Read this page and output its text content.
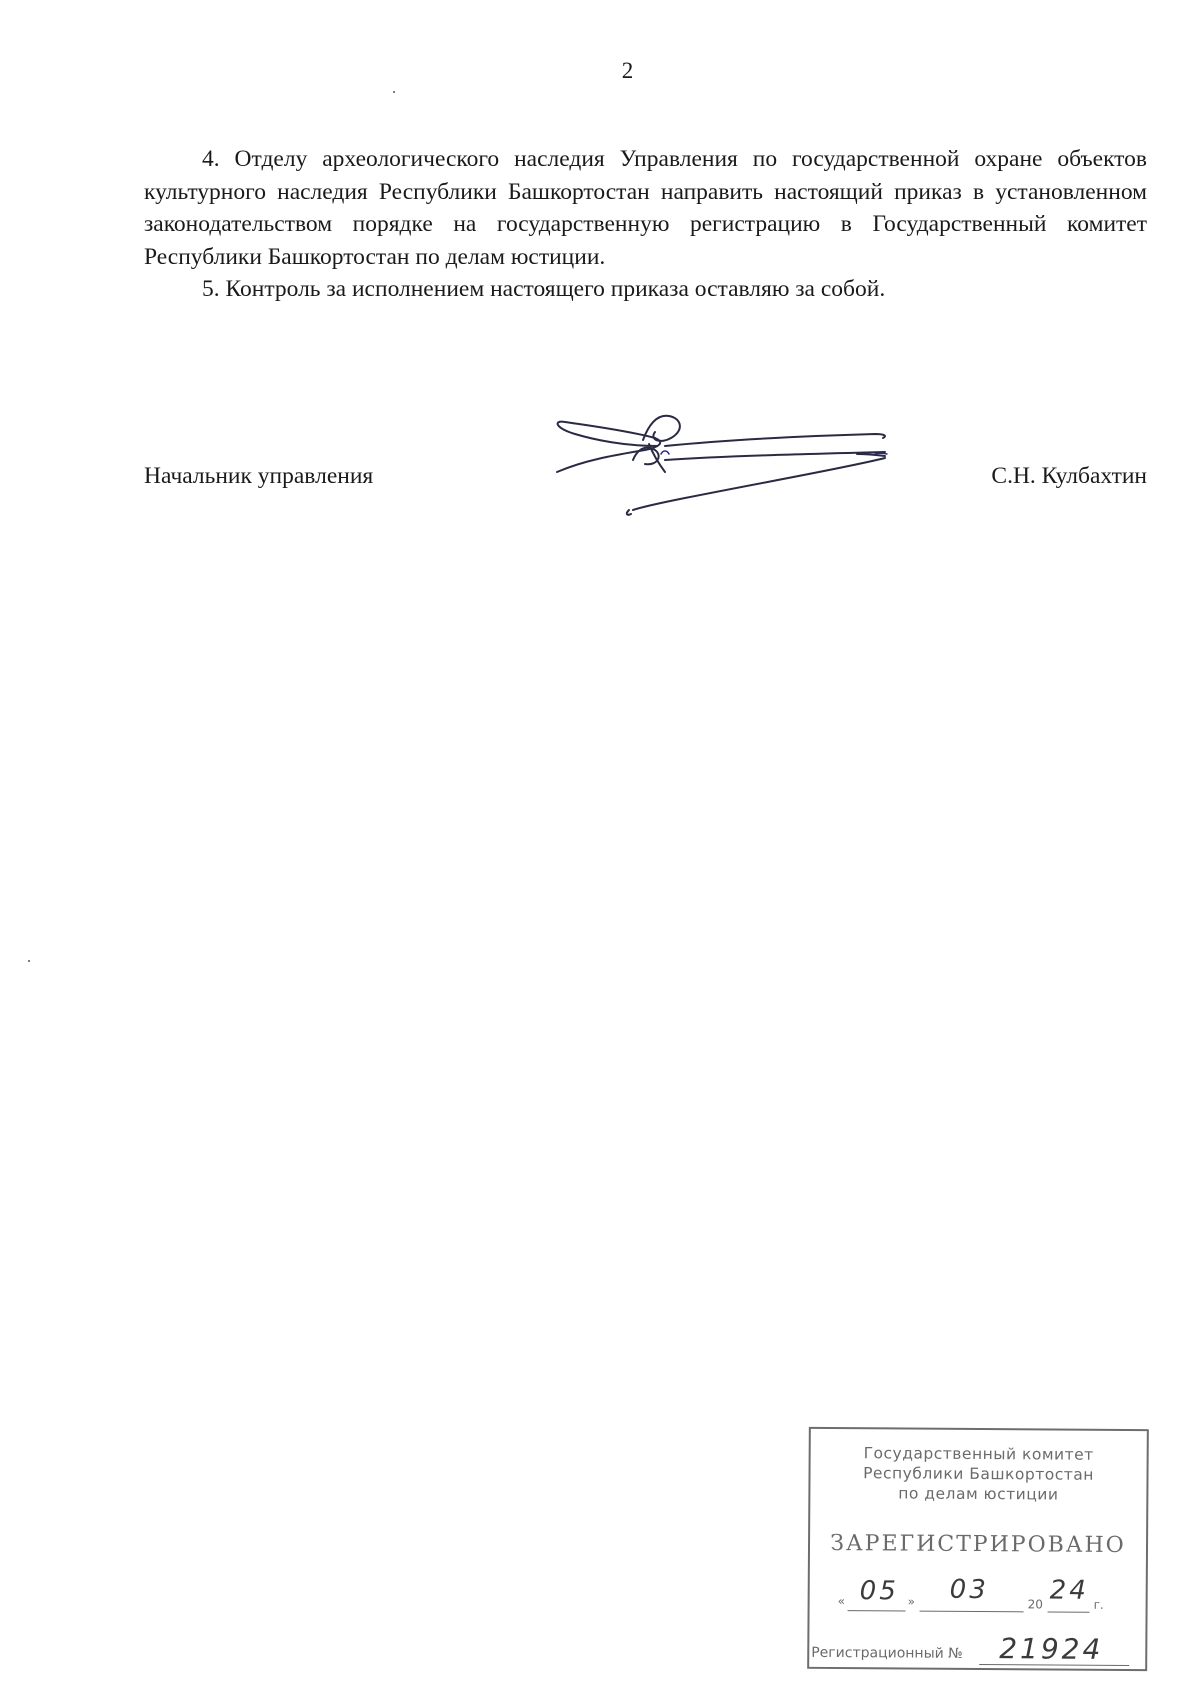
2

4. Отделу археологического наследия Управления по государственной охране объектов культурного наследия Республики Башкортостан направить настоящий приказ в установленном законодательством порядке на государственную регистрацию в Государственный комитет Республики Башкортостан по делам юстиции.

5. Контроль за исполнением настоящего приказа оставляю за собой.

Начальник управления	С.Н. Кулбахтин
Государственный комитет
Республики Башкортостан
по делам юстиции
ЗАРЕГИСТРИРОВАНО
« 05 » 03	20 24 г.
Регистрационный № 21924
